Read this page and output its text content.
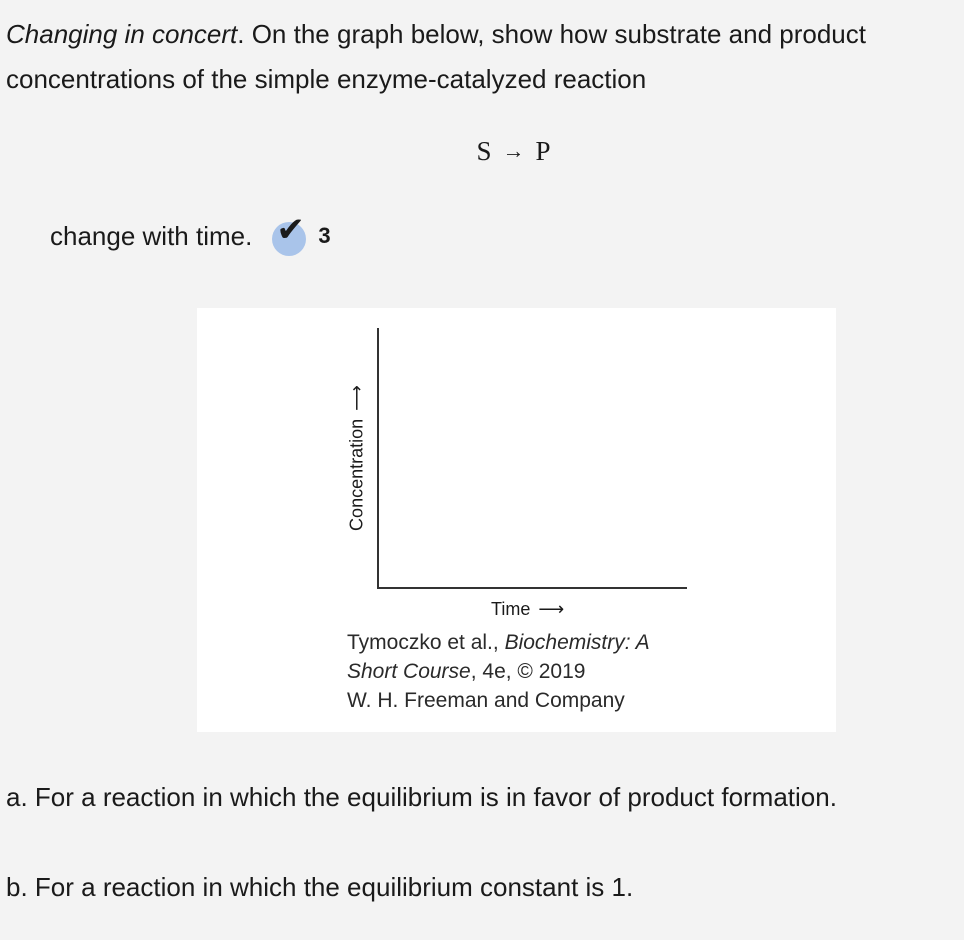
Changing in concert. On the graph below, show how substrate and product concentrations of the simple enzyme-catalyzed reaction
S → P
change with time. ✔ 3
Concentration⟶
Time ⟶
Tymoczko et al., Biochemistry: A
Short Course, 4e, © 2019
W. H. Freeman and Company
a. For a reaction in which the equilibrium is in favor of product formation.
b. For a reaction in which the equilibrium constant is 1.
